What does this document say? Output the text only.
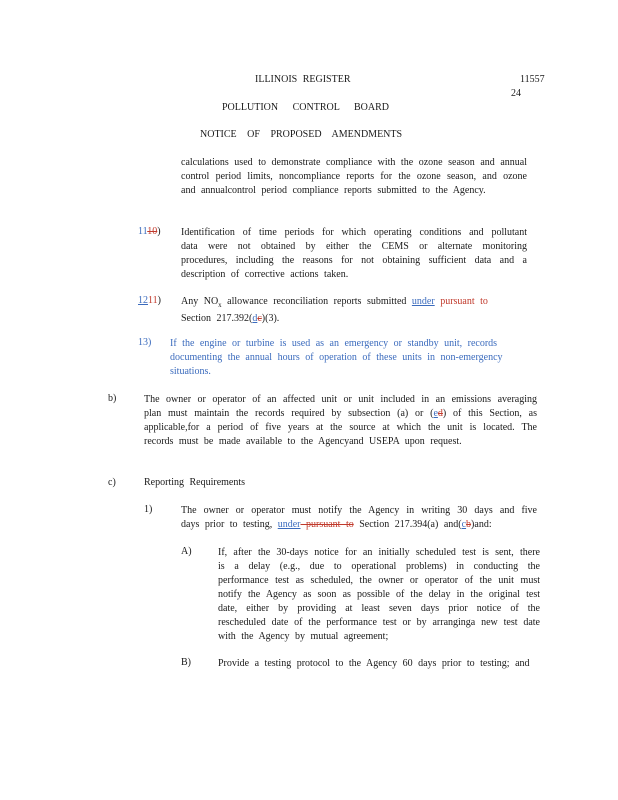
ILLINOIS REGISTER	11557
24
POLLUTION CONTROL BOARD
NOTICE OF PROPOSED AMENDMENTS
calculations used to demonstrate compliance with the ozone season and annual control period limits, noncompliance reports for the ozone season, and ozone and annualcontrol period compliance reports submitted to the Agency.
1110) Identification of time periods for which operating conditions and pollutant data were not obtained by either the CEMS or alternate monitoring procedures, including the reasons for not obtaining sufficient data and a description of corrective actions taken.
1211) Any $NO_x$ allowance reconciliation reports submitted under pursuant to
Section 217.392(dc)(3).
13) If the engine or turbine is used as an emergency or standby unit, records documenting the annual hours of operation of these units in non-emergency situations.
b)	The owner or operator of an affected unit or unit included in an emissions averaging plan must maintain the records required by subsection (a) or (ed) of this Section, as applicable,for a period of five years at the source at which the unit is located. The records must be made available to the Agencyand USEPA upon request.
c)	Reporting Requirements
1)	The owner or operator must notify the Agency in writing 30 days and five days prior to testing, under pursuant to Section 217.394(a) and(cb)and:
A)	If, after the 30-days notice for an initially scheduled test is sent, there is a delay (e.g., due to operational problems) in conducting the performance test as scheduled, the owner or operator of the unit must notify the Agency as soon as possible of the delay in the original test date, either by providing at least seven days prior notice of the rescheduled date of the performance test or by arranginga new test date with the Agency by mutual agreement;
B)	Provide a testing protocol to the Agency 60 days prior to testing; and
